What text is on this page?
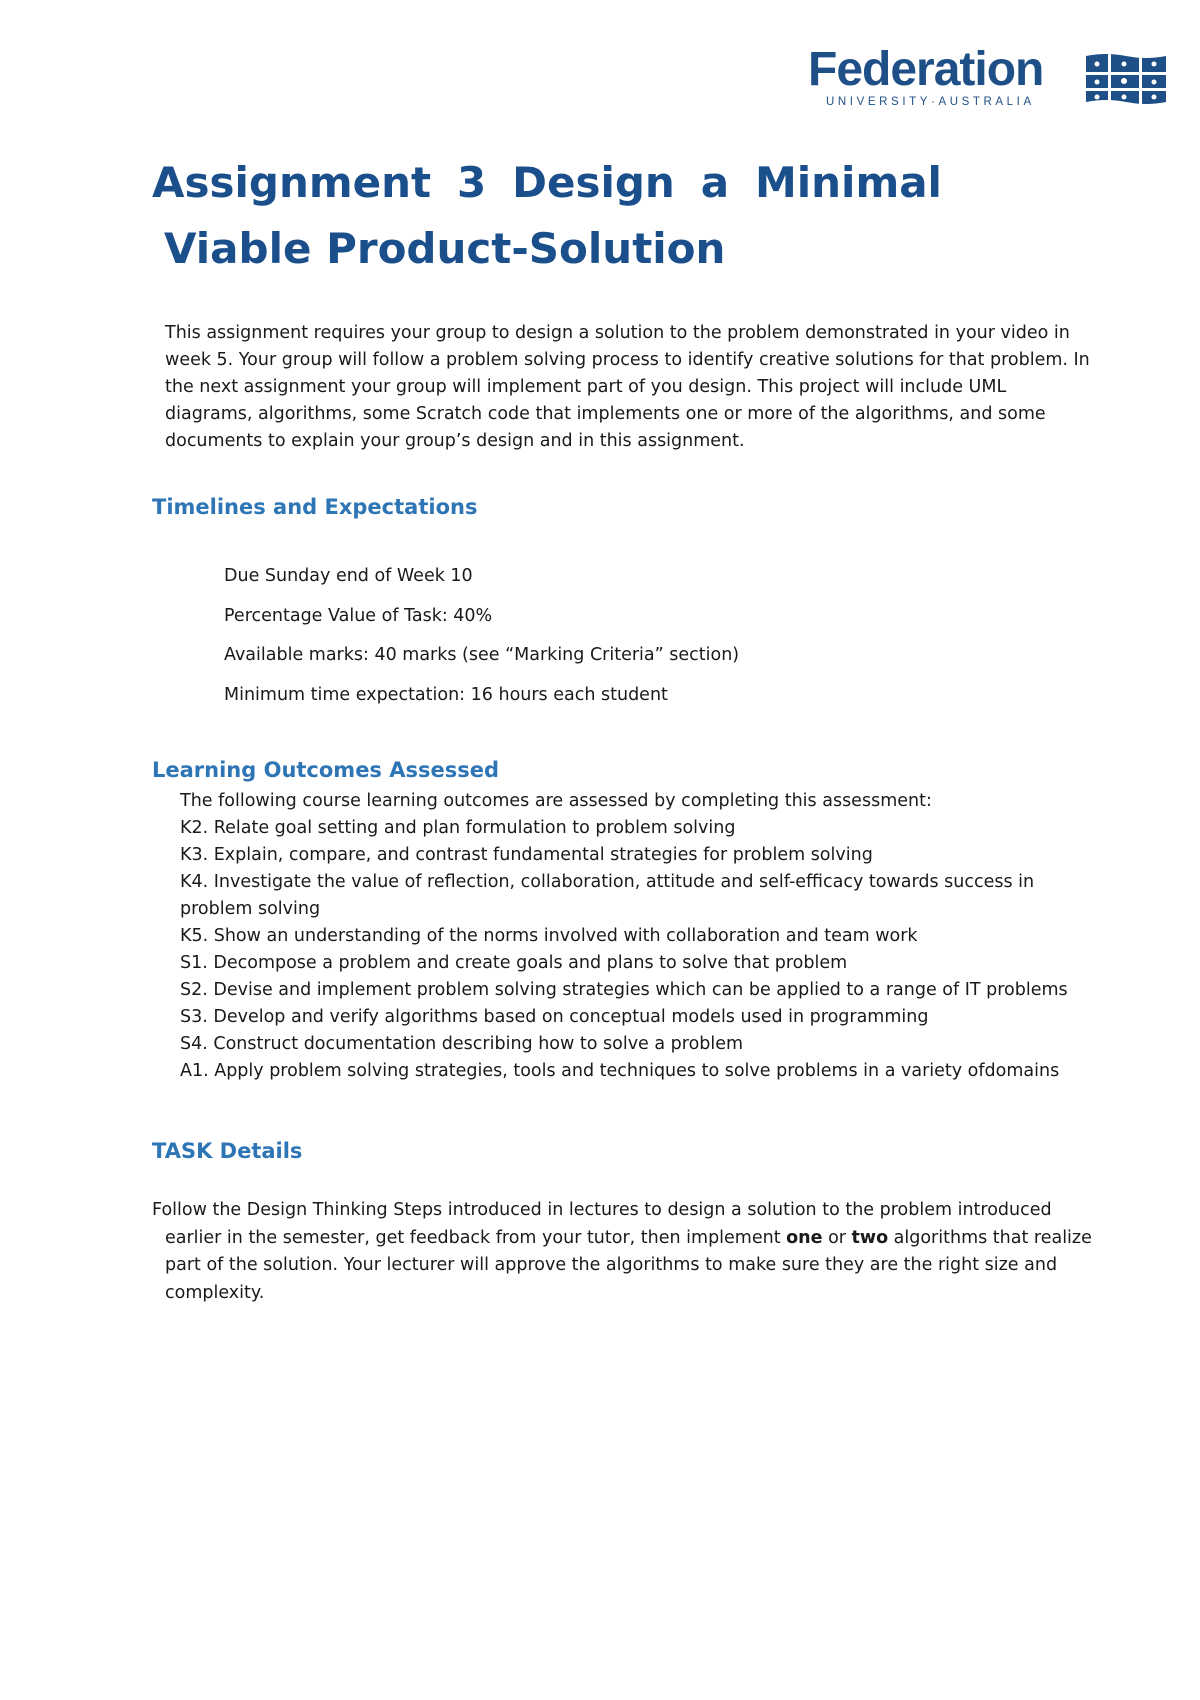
Federation
UNIVERSITY·AUSTRALIA
Assignment 3 Design a Minimal
Viable Product-Solution

This assignment requires your group to design a solution to the problem demonstrated in your video in week 5. Your group will follow a problem solving process to identify creative solutions for that problem. In the next assignment your group will implement part of you design. This project will include UML diagrams, algorithms, some Scratch code that implements one or more of the algorithms, and some documents to explain your group’s design and in this assignment.

Timelines and Expectations
Due Sunday end of Week 10
Percentage Value of Task: 40%
Available marks: 40 marks (see “Marking Criteria” section)
Minimum time expectation: 16 hours each student
Learning Outcomes Assessed
The following course learning outcomes are assessed by completing this assessment:
K2. Relate goal setting and plan formulation to problem solving
K3. Explain, compare, and contrast fundamental strategies for problem solving
K4. Investigate the value of reflection, collaboration, attitude and self-efficacy towards success in problem solving
K5. Show an understanding of the norms involved with collaboration and team work
S1. Decompose a problem and create goals and plans to solve that problem
S2. Devise and implement problem solving strategies which can be applied to a range of IT problems
S3. Develop and verify algorithms based on conceptual models used in programming
S4. Construct documentation describing how to solve a problem
A1. Apply problem solving strategies, tools and techniques to solve problems in a variety ofdomains
TASK Details

Follow the Design Thinking Steps introduced in lectures to design a solution to the problem introduced earlier in the semester, get feedback from your tutor, then implement one or two algorithms that realize part of the solution. Your lecturer will approve the algorithms to make sure they are the right size and complexity.
